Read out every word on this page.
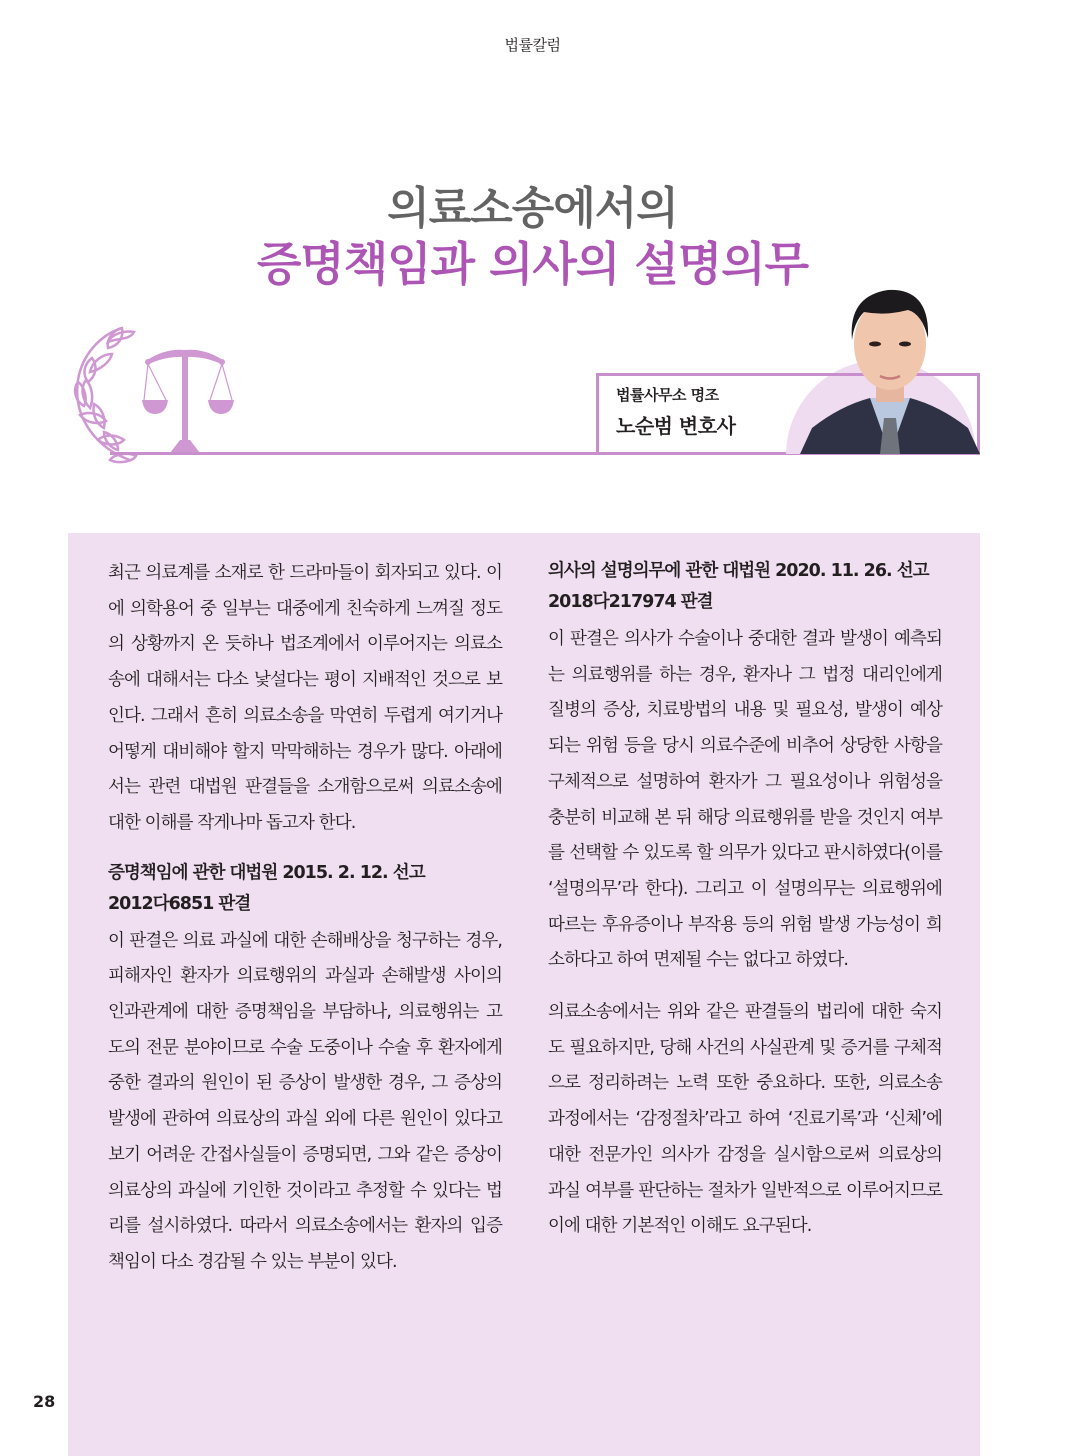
법률칼럼
의료소송에서의
증명책임과 의사의 설명의무
법률사무소 명조
노순범 변호사

최근 의료계를 소재로 한 드라마들이 회자되고 있다. 이에 의학용어 중 일부는 대중에게 친숙하게 느껴질 정도의 상황까지 온 듯하나 법조계에서 이루어지는 의료소송에 대해서는 다소 낯설다는 평이 지배적인 것으로 보인다. 그래서 흔히 의료소송을 막연히 두렵게 여기거나 어떻게 대비해야 할지 막막해하는 경우가 많다. 아래에서는 관련 대법원 판결들을 소개함으로써 의료소송에 대한 이해를 작게나마 돕고자 한다.

증명책임에 관한 대법원 2015. 2. 12. 선고
2012다6851 판결

이 판결은 의료 과실에 대한 손해배상을 청구하는 경우, 피해자인 환자가 의료행위의 과실과 손해발생 사이의 인과관계에 대한 증명책임을 부담하나, 의료행위는 고도의 전문 분야이므로 수술 도중이나 수술 후 환자에게 중한 결과의 원인이 된 증상이 발생한 경우, 그 증상의 발생에 관하여 의료상의 과실 외에 다른 원인이 있다고 보기 어려운 간접사실들이 증명되면, 그와 같은 증상이 의료상의 과실에 기인한 것이라고 추정할 수 있다는 법리를 설시하였다. 따라서 의료소송에서는 환자의 입증책임이 다소 경감될 수 있는 부분이 있다.

의사의 설명의무에 관한 대법원 2020. 11. 26. 선고
2018다217974 판결

이 판결은 의사가 수술이나 중대한 결과 발생이 예측되는 의료행위를 하는 경우, 환자나 그 법정 대리인에게 질병의 증상, 치료방법의 내용 및 필요성, 발생이 예상되는 위험 등을 당시 의료수준에 비추어 상당한 사항을 구체적으로 설명하여 환자가 그 필요성이나 위험성을 충분히 비교해 본 뒤 해당 의료행위를 받을 것인지 여부를 선택할 수 있도록 할 의무가 있다고 판시하였다(이를 ‘설명의무’라 한다). 그리고 이 설명의무는 의료행위에 따르는 후유증이나 부작용 등의 위험 발생 가능성이 희소하다고 하여 면제될 수는 없다고 하였다.

의료소송에서는 위와 같은 판결들의 법리에 대한 숙지도 필요하지만, 당해 사건의 사실관계 및 증거를 구체적으로 정리하려는 노력 또한 중요하다. 또한, 의료소송 과정에서는 ‘감정절차’라고 하여 ‘진료기록’과 ‘신체’에 대한 전문가인 의사가 감정을 실시함으로써 의료상의 과실 여부를 판단하는 절차가 일반적으로 이루어지므로 이에 대한 기본적인 이해도 요구된다.

28
